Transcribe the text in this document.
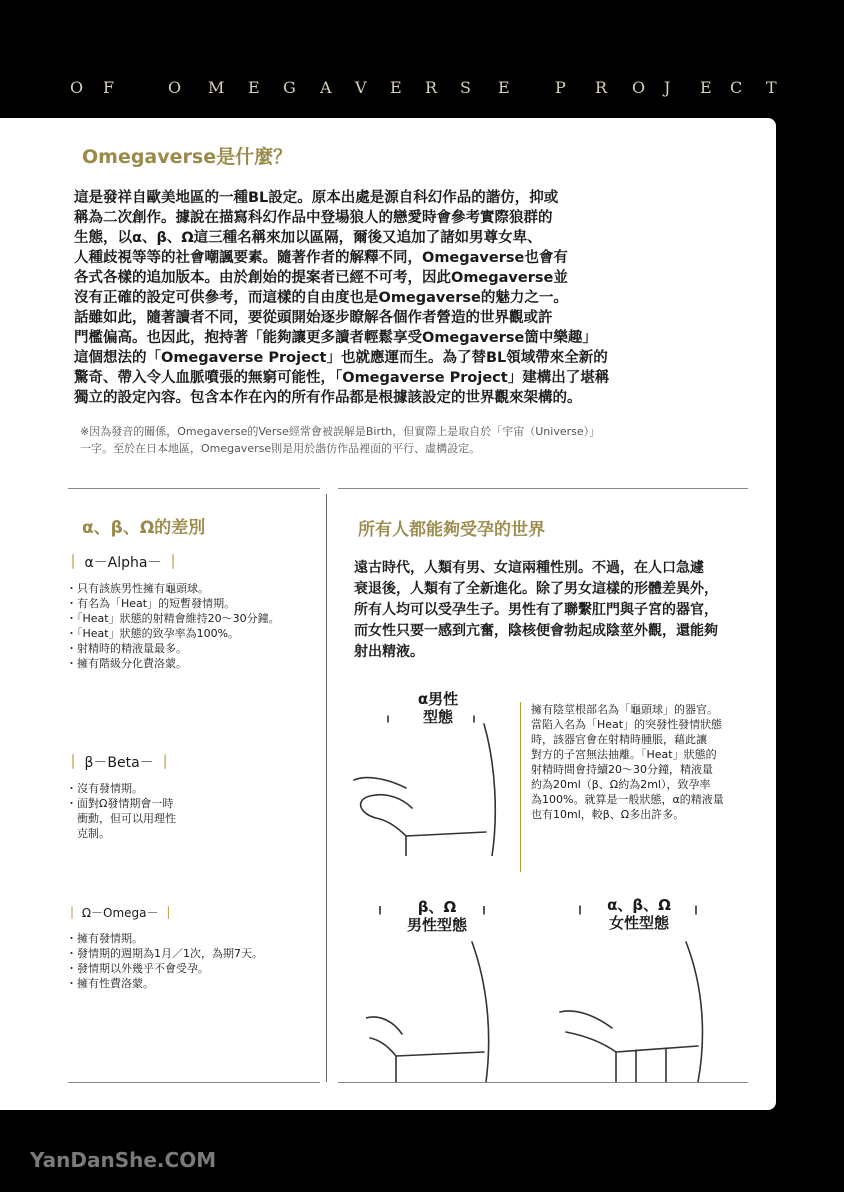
O F	O M E G A V E R S E	P R O J E C T
Omegaverse是什麼？
這是發祥自歐美地區的一種BL設定。原本出處是源自科幻作品的諧仿，抑或
稱為二次創作。據說在描寫科幻作品中登場狼人的戀愛時會參考實際狼群的
生態，以α、β、Ω這三種名稱來加以區隔，爾後又追加了諸如男尊女卑、
人種歧視等等的社會嘲諷要素。隨著作者的解釋不同，Omegaverse也會有
各式各樣的追加版本。由於創始的提案者已經不可考，因此Omegaverse並
沒有正確的設定可供參考，而這樣的自由度也是Omegaverse的魅力之一。
話雖如此，隨著讀者不同，要從頭開始逐步瞭解各個作者營造的世界觀或許
門檻偏高。也因此，抱持著「能夠讓更多讀者輕鬆享受Omegaverse箇中樂趣」
這個想法的「Omegaverse Project」也就應運而生。為了替BL領域帶來全新的
驚奇、帶入令人血脈噴張的無窮可能性，「Omegaverse Project」建構出了堪稱
獨立的設定內容。包含本作在內的所有作品都是根據該設定的世界觀來架構的。
※因為發音的關係，Omegaverse的Verse經常會被誤解是Birth，但實際上是取自於「宇宙（Universe）」
一字。至於在日本地區，Omegaverse則是用於諧仿作品裡面的平行、虛構設定。
α、β、Ω的差別
｜ α－Alpha－ ｜
・只有該族男性擁有龜頭球。
・有名為「Heat」的短暫發情期。
・「Heat」狀態的射精會維持20～30分鐘。
・「Heat」狀態的致孕率為100%。
・射精時的精液量最多。
・擁有階級分化費洛蒙。
｜ β－Beta－ ｜
・沒有發情期。
・面對Ω發情期會一時
　衝動，但可以用理性
　克制。
｜ Ω－Omega－ ｜
・擁有發情期。
・發情期的週期為1月／1次，為期7天。
・發情期以外幾乎不會受孕。
・擁有性費洛蒙。
所有人都能夠受孕的世界
遠古時代，人類有男、女這兩種性別。不過，在人口急遽
衰退後，人類有了全新進化。除了男女這樣的形體差異外，
所有人均可以受孕生子。男性有了聯繫肛門與子宮的器官，
而女性只要一感到亢奮，陰核便會勃起成陰莖外觀，還能夠
射出精液。
α男性
型態	擁有陰莖根部名為「龜頭球」的器官。
當陷入名為「Heat」的突發性發情狀態
時，該器官會在射精時腫脹，藉此讓
對方的子宮無法抽離。「Heat」狀態的
射精時間會持續20～30分鐘，精液量
約為20ml（β、Ω約為2ml），致孕率
為100%。就算是一般狀態，α的精液量
也有10ml，較β、Ω多出許多。
β、Ω
男性型態
α、β、Ω
女性型態
YanDanShe.COM
